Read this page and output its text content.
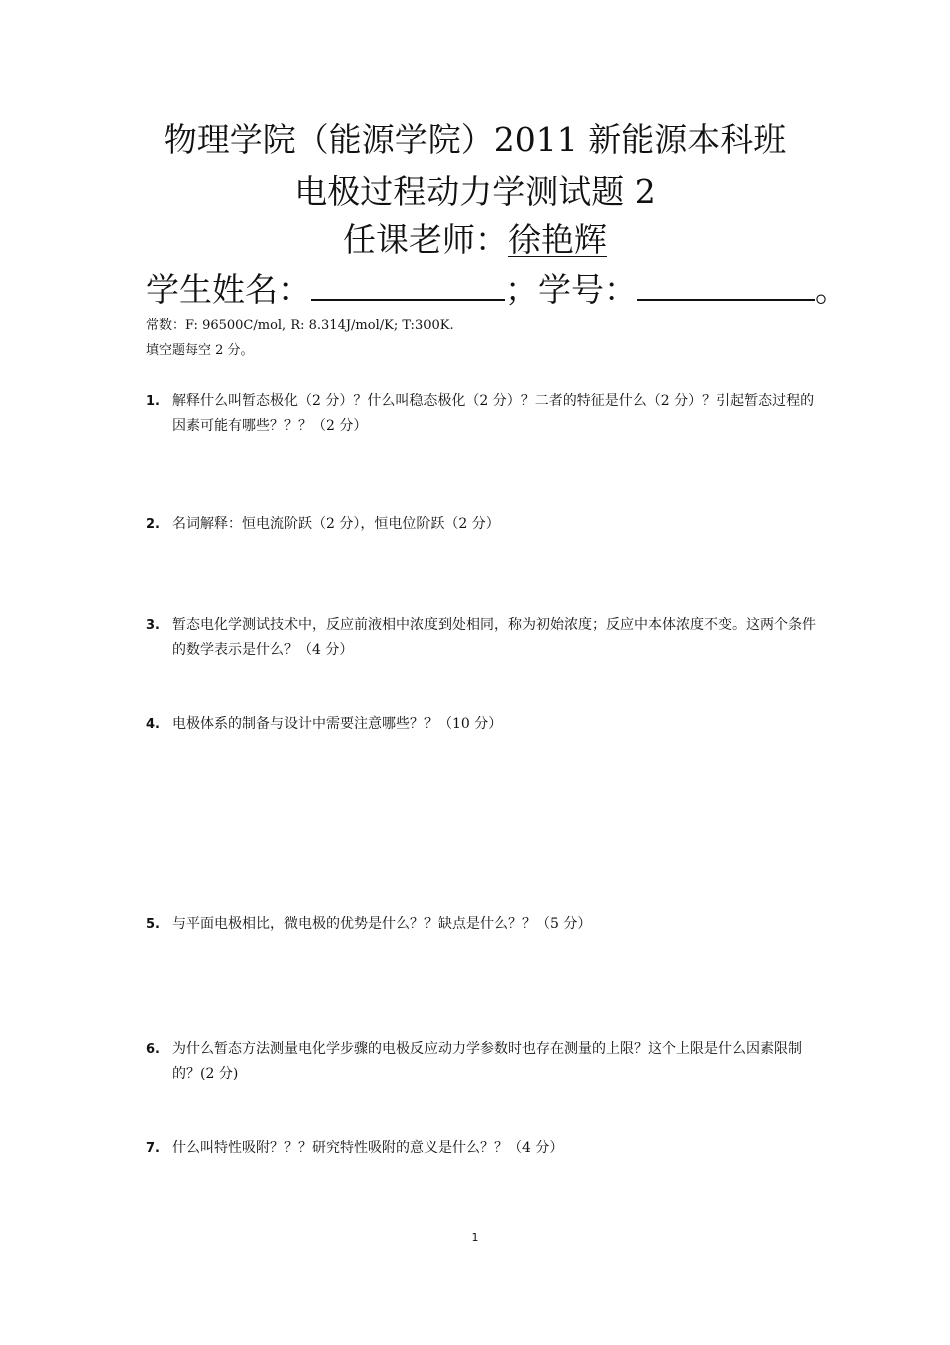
物理学院（能源学院）2011 新能源本科班
电极过程动力学测试题 2
任课老师：徐艳辉
学生姓名：	；学号：	。
常数：F: 96500C/mol, R: 8.314J/mol/K; T:300K.
填空题每空 2 分。
1. 解释什么叫暂态极化（2 分）？什么叫稳态极化（2 分）？二者的特征是什么（2 分）？引起暂态过程的因素可能有哪些？？？（2 分）
2. 名词解释：恒电流阶跃（2 分），恒电位阶跃（2 分）
3. 暂态电化学测试技术中，反应前液相中浓度到处相同，称为初始浓度；反应中本体浓度不变。这两个条件的数学表示是什么？（4 分）
4. 电极体系的制备与设计中需要注意哪些？？（10 分）
5. 与平面电极相比，微电极的优势是什么？？缺点是什么？？（5 分）
6. 为什么暂态方法测量电化学步骤的电极反应动力学参数时也存在测量的上限？这个上限是什么因素限制的？(2 分)
7. 什么叫特性吸附？？？研究特性吸附的意义是什么？？（4 分）
1
